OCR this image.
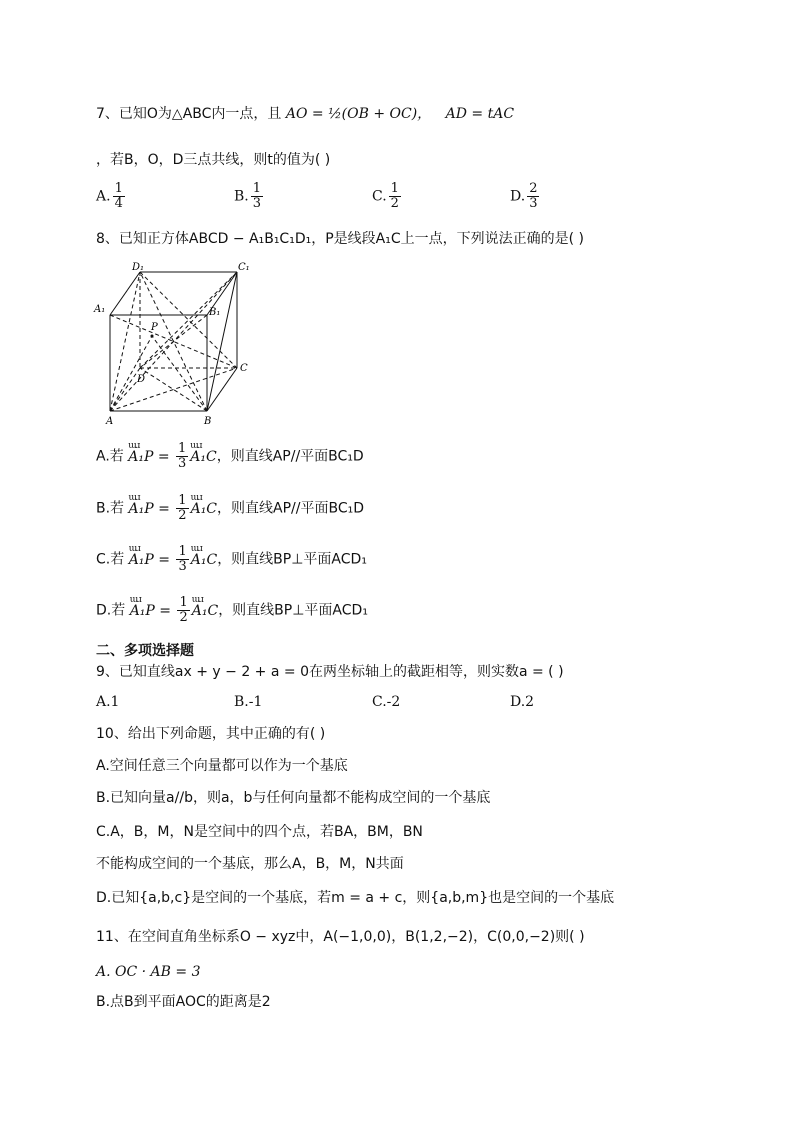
7、已知O为△ABC内一点，且 AO = ½(OB + OC)， AD = tAC
，若B，O，D三点共线，则t的值为( )
A. $\frac{1}{4}$	B. $\frac{1}{3}$	C. $\frac{1}{2}$	D. $\frac{2}{3}$
8、已知正方体ABCD − A₁B₁C₁D₁，P是线段A₁C上一点，下列说法正确的是( )
D₁	C₁
A₁	B₁
P
D
C
A	B
A.若 ɯɹ $A_1P = \frac{1}{3}$ ɯɹ A₁C，则直线AP//平面BC₁D
B.若 ɯɹ $A_1P = \frac{1}{2}$ ɯɹ A₁C，则直线AP//平面BC₁D
C.若 ɯɹ $A_1P = \frac{1}{3}$ ɯɹ A₁C，则直线BP⊥平面ACD₁
D.若 ɯɹ $A_1P = \frac{1}{2}$ ɯɹ A₁C，则直线BP⊥平面ACD₁
二、多项选择题
9、已知直线ax + y − 2 + a = 0在两坐标轴上的截距相等，则实数a = ( )
A.1	B.-1	C.-2	D.2
10、给出下列命题，其中正确的有( )
A.空间任意三个向量都可以作为一个基底
B.已知向量a//b，则a，b与任何向量都不能构成空间的一个基底
C.A，B，M，N是空间中的四个点，若BA，BM，BN
不能构成空间的一个基底，那么A，B，M，N共面
D.已知{a,b,c}是空间的一个基底，若m = a + c，则{a,b,m}也是空间的一个基底
11、在空间直角坐标系O − xyz中，A(−1,0,0)，B(1,2,−2)，C(0,0,−2)则( )
A. OC · AB = 3
B.点B到平面AOC的距离是2
